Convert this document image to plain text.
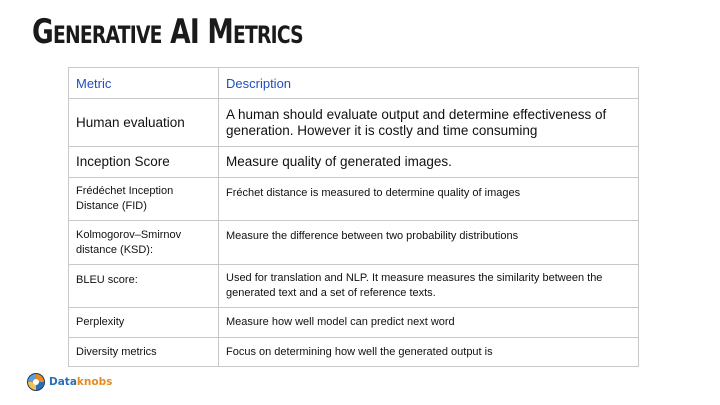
Generative AI Metrics
Metric	Description
Human evaluation	A human should evaluate output and determine effectiveness of generation. However it is costly and time consuming
Inception Score	Measure quality of generated images.
Frédéchet Inception Distance (FID)	Fréchet distance is measured to determine quality of images
Kolmogorov–Smirnov distance (KSD):	Measure the difference between two probability distributions
BLEU score:	Used for translation and NLP. It measure measures the similarity between the generated text and a set of reference texts.
Perplexity	Measure how well model can predict next word
Diversity metrics	Focus on determining how well the generated output is
Dataknobs
